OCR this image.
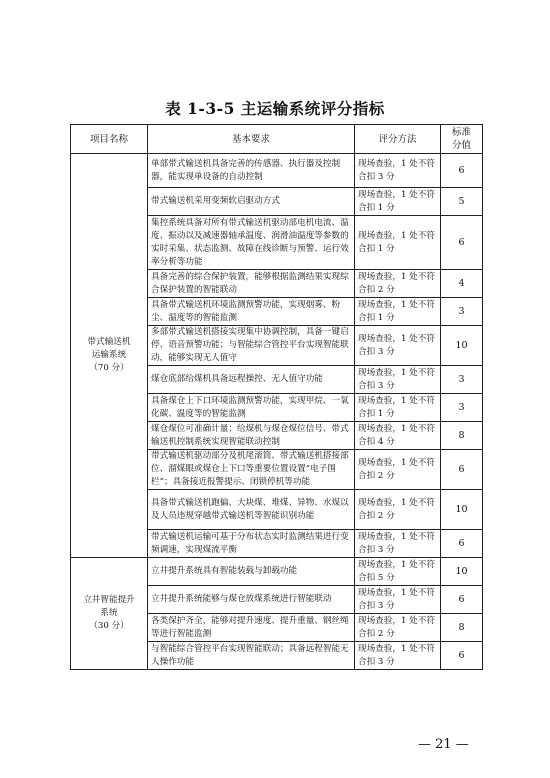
表 1-3-5 主运输系统评分指标
项目名称	基本要求	评分方法	标准
分值
带式输送机
运输系统
（70 分）	单部带式输送机具备完善的传感器、执行器及控制器，能实现单设备的自动控制	现场查验，1 处不符合扣 3 分	6
	带式输送机采用变频软启驱动方式	现场查验，1 处不符合扣 1 分	5
	集控系统具备对所有带式输送机驱动部电机电流、温度、振动以及减速器轴承温度、润滑油温度等参数的实时采集、状态监测、故障在线诊断与预警、运行效率分析等功能	现场查验，1 处不符合扣 1 分	6
	具备完善的综合保护装置，能够根据监测结果实现综合保护装置的智能联动	现场查验，1 处不符合扣 2 分	4
	具备带式输送机环境监测预警功能，实现烟雾、粉尘、温度等的智能监测	现场查验，1 处不符合扣 1 分	3
	多部带式输送机搭接实现集中协调控制，具备一键启停、语音预警功能；与智能综合管控平台实现智能联动，能够实现无人值守	现场查验，1 处不符合扣 3 分	10
	煤仓底部给煤机具备远程操控、无人值守功能	现场查验，1 处不符合扣 3 分	3
	具备煤仓上下口环境监测预警功能，实现甲烷、一氧化碳、温度等的智能监测	现场查验，1 处不符合扣 1 分	3
	煤仓煤位可准确计量；给煤机与煤仓煤位信号、带式输送机控制系统实现智能联动控制	现场查验，1 处不符合扣 4 分	8
	带式输送机驱动部分及机尾滚筒、带式输送机搭接部位、溜煤眼或煤仓上下口等重要位置设置“电子围栏”；具备接近报警提示、闭锁停机等功能	现场查验，1 处不符合扣 2 分	6
	具备带式输送机跑偏、大块煤、堆煤、异物、水煤以及人员违规穿越带式输送机等智能识别功能	现场查验，1 处不符合扣 2 分	10
	带式输送机运输可基于分布状态实时监测结果进行变频调速，实现煤流平衡	现场查验，1 处不符合扣 3 分	6
立井智能提升
系统
（30 分）	立井提升系统具有智能装载与卸载功能	现场查验，1 处不符合扣 5 分	10
	立井提升系统能够与煤仓放煤系统进行智能联动	现场查验，1 处不符合扣 3 分	6
	各类保护齐全，能够对提升速度、提升重量、钢丝绳等进行智能监测	现场查验，1 处不符合扣 2 分	8
	与智能综合管控平台实现智能联动；具备远程智能无人操作功能	现场查验，1 处不符合扣 3 分	6
— 21 —
